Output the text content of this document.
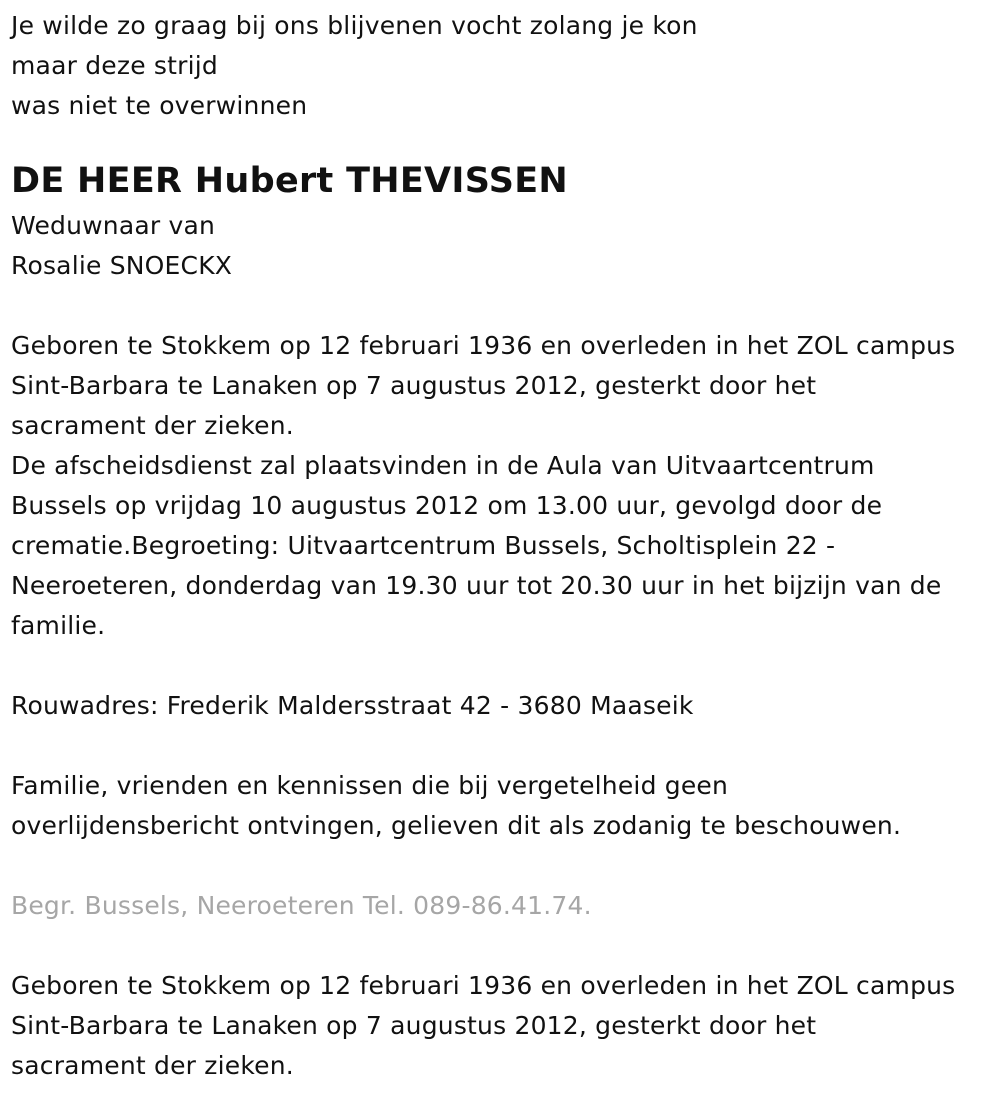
Je wilde zo graag bij ons blijvenen vocht zolang je kon
maar deze strijd
was niet te overwinnen
DE HEER Hubert THEVISSEN
Weduwnaar van
Rosalie SNOECKX
Geboren te Stokkem op 12 februari 1936 en overleden in het ZOL campus
Sint-Barbara te Lanaken op 7 augustus 2012, gesterkt door het
sacrament der zieken.
De afscheidsdienst zal plaatsvinden in de Aula van Uitvaartcentrum
Bussels op vrijdag 10 augustus 2012 om 13.00 uur, gevolgd door de
crematie.Begroeting: Uitvaartcentrum Bussels, Scholtisplein 22 -
Neeroeteren, donderdag van 19.30 uur tot 20.30 uur in het bijzijn van de
familie.
Rouwadres: Frederik Maldersstraat 42 - 3680 Maaseik
Familie, vrienden en kennissen die bij vergetelheid geen
overlijdensbericht ontvingen, gelieven dit als zodanig te beschouwen.
Begr. Bussels, Neeroeteren Tel. 089-86.41.74.
Geboren te Stokkem op 12 februari 1936 en overleden in het ZOL campus
Sint-Barbara te Lanaken op 7 augustus 2012, gesterkt door het
sacrament der zieken.
